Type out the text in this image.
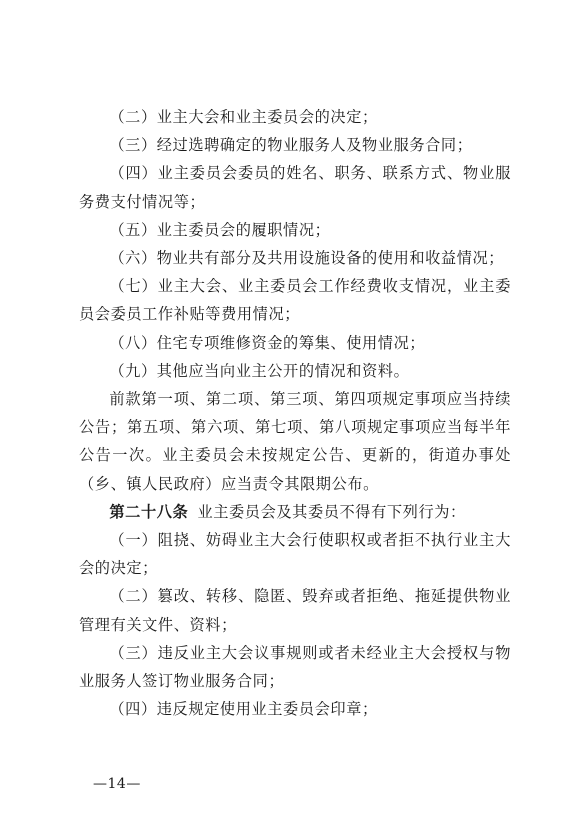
（二）业主大会和业主委员会的决定；

（三）经过选聘确定的物业服务人及物业服务合同；

（四）业主委员会委员的姓名、职务、联系方式、物业服务费支付情况等；

（五）业主委员会的履职情况；

（六）物业共有部分及共用设施设备的使用和收益情况；

（七）业主大会、业主委员会工作经费收支情况，业主委员会委员工作补贴等费用情况；

（八）住宅专项维修资金的筹集、使用情况；

（九）其他应当向业主公开的情况和资料。

前款第一项、第二项、第三项、第四项规定事项应当持续公告；第五项、第六项、第七项、第八项规定事项应当每半年公告一次。业主委员会未按规定公告、更新的，街道办事处（乡、镇人民政府）应当责令其限期公布。

第二十八条 业主委员会及其委员不得有下列行为：

（一）阻挠、妨碍业主大会行使职权或者拒不执行业主大会的决定；

（二）篡改、转移、隐匿、毁弃或者拒绝、拖延提供物业管理有关文件、资料；

（三）违反业主大会议事规则或者未经业主大会授权与物业服务人签订物业服务合同；

（四）违反规定使用业主委员会印章；

—14—
